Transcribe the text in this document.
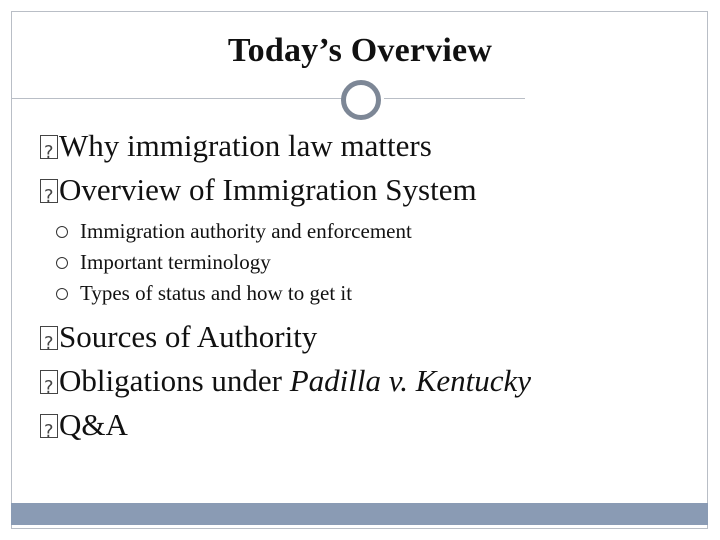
Today’s Overview
?
Why immigration law matters
?
Overview of Immigration System
Immigration authority and enforcement
Important terminology
Types of status and how to get it
?
Sources of Authority
?
Obligations under
Padilla v. Kentucky
?
Q&A
